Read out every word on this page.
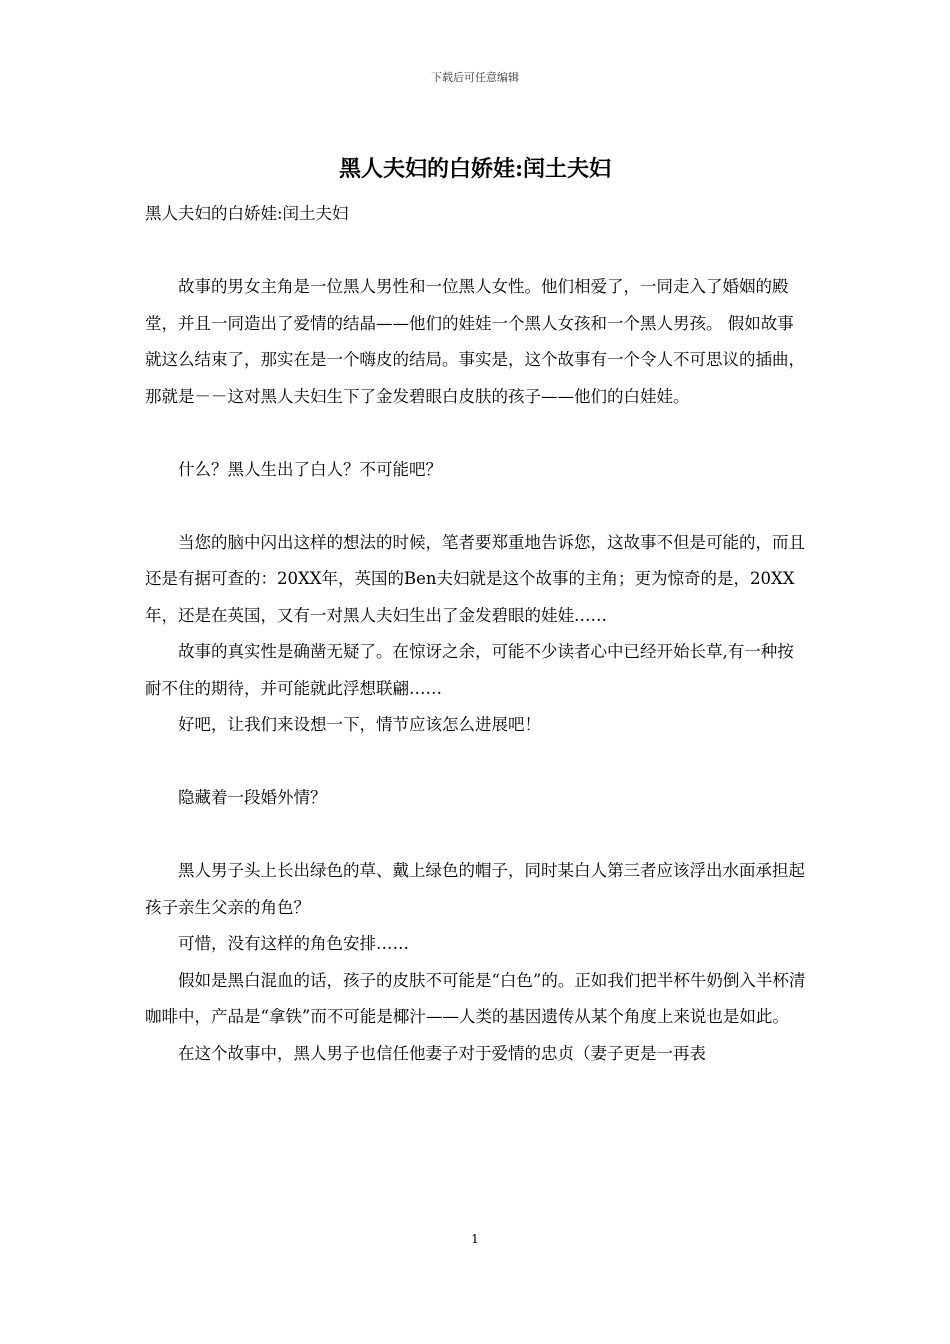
下载后可任意编辑
黑人夫妇的白娇娃:闰土夫妇

黑人夫妇的白娇娃:闰土夫妇

故事的男女主角是一位黑人男性和一位黑人女性。他们相爱了，一同走入了婚姻的殿堂，并且一同造出了爱情的结晶——他们的娃娃一个黑人女孩和一个黑人男孩。 假如故事就这么结束了，那实在是一个嗨皮的结局。事实是，这个故事有一个令人不可思议的插曲，那就是－－这对黑人夫妇生下了金发碧眼白皮肤的孩子——他们的白娃娃。

什么？黑人生出了白人？不可能吧？

当您的脑中闪出这样的想法的时候，笔者要郑重地告诉您，这故事不但是可能的，而且还是有据可查的：20XX年，英国的Ben夫妇就是这个故事的主角；更为惊奇的是，20XX年，还是在英国，又有一对黑人夫妇生出了金发碧眼的娃娃……

故事的真实性是确凿无疑了。在惊讶之余，可能不少读者心中已经开始长草,有一种按耐不住的期待，并可能就此浮想联翩……

好吧，让我们来设想一下，情节应该怎么进展吧！

隐藏着一段婚外情？

黑人男子头上长出绿色的草、戴上绿色的帽子，同时某白人第三者应该浮出水面承担起孩子亲生父亲的角色？

可惜，没有这样的角色安排……

假如是黑白混血的话，孩子的皮肤不可能是“白色”的。正如我们把半杯牛奶倒入半杯清咖啡中，产品是“拿铁”而不可能是椰汁——人类的基因遗传从某个角度上来说也是如此。

在这个故事中，黑人男子也信任他妻子对于爱情的忠贞（妻子更是一再表

1
